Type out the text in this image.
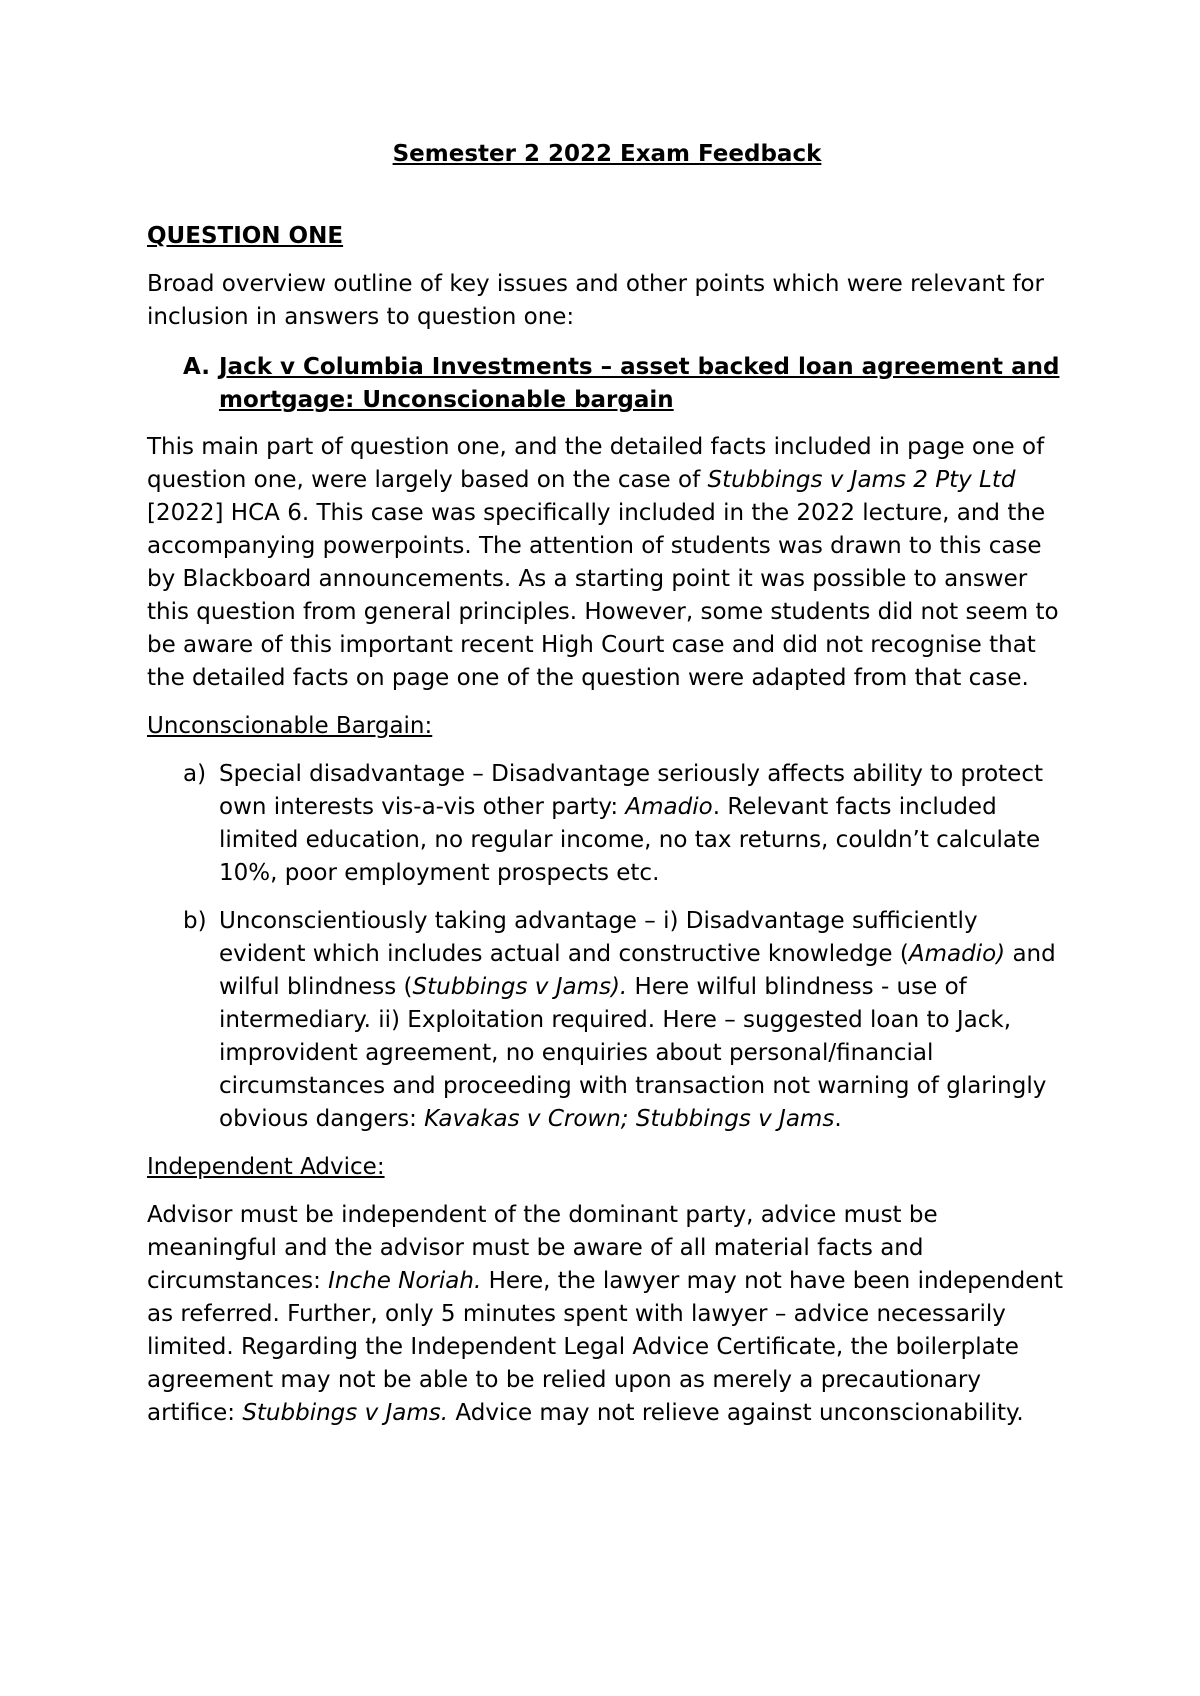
Semester 2 2022 Exam Feedback
QUESTION ONE

Broad overview outline of key issues and other points which were relevant for inclusion in answers to question one:

A. Jack v Columbia Investments – asset backed loan agreement and mortgage: Unconscionable bargain

This main part of question one, and the detailed facts included in page one of question one, were largely based on the case of Stubbings v Jams 2 Pty Ltd [2022] HCA 6. This case was specifically included in the 2022 lecture, and the accompanying powerpoints. The attention of students was drawn to this case by Blackboard announcements. As a starting point it was possible to answer this question from general principles. However, some students did not seem to be aware of this important recent High Court case and did not recognise that the detailed facts on page one of the question were adapted from that case.

Unconscionable Bargain:

a) Special disadvantage – Disadvantage seriously affects ability to protect own interests vis-a-vis other party: Amadio. Relevant facts included limited education, no regular income, no tax returns, couldn’t calculate 10%, poor employment prospects etc.
b) Unconscientiously taking advantage – i) Disadvantage sufficiently evident which includes actual and constructive knowledge (Amadio) and wilful blindness (Stubbings v Jams). Here wilful blindness - use of intermediary. ii) Exploitation required. Here – suggested loan to Jack, improvident agreement, no enquiries about personal/financial circumstances and proceeding with transaction not warning of glaringly obvious dangers: Kavakas v Crown; Stubbings v Jams.

Independent Advice:

Advisor must be independent of the dominant party, advice must be meaningful and the advisor must be aware of all material facts and circumstances: Inche Noriah. Here, the lawyer may not have been independent as referred. Further, only 5 minutes spent with lawyer – advice necessarily limited. Regarding the Independent Legal Advice Certificate, the boilerplate agreement may not be able to be relied upon as merely a precautionary artifice: Stubbings v Jams. Advice may not relieve against unconscionability.
